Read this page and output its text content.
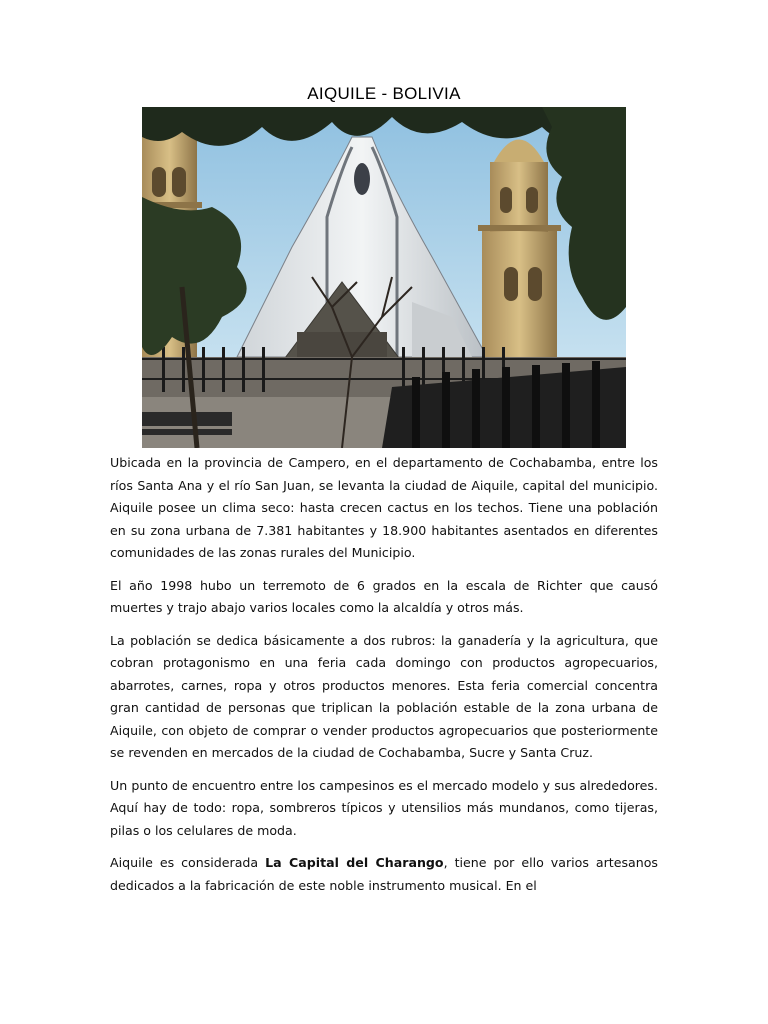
AIQUILE - BOLIVIA

Ubicada en la provincia de Campero, en el departamento de Cochabamba, entre los ríos Santa Ana y el río San Juan, se levanta la ciudad de Aiquile, capital del municipio. Aiquile posee un clima seco: hasta crecen cactus en los techos. Tiene una población en su zona urbana de 7.381 habitantes y 18.900 habitantes asentados en diferentes comunidades de las zonas rurales del Municipio.

El año 1998 hubo un terremoto de 6 grados en la escala de Richter que causó muertes y trajo abajo varios locales como la alcaldía y otros más.

La población se dedica básicamente a dos rubros: la ganadería y la agricultura, que cobran protagonismo en una feria cada domingo con productos agropecuarios, abarrotes, carnes, ropa y otros productos menores. Esta feria comercial concentra gran cantidad de personas que triplican la población estable de la zona urbana de Aiquile, con objeto de comprar o vender productos agropecuarios que posteriormente se revenden en mercados de la ciudad de Cochabamba, Sucre y Santa Cruz.

Un punto de encuentro entre los campesinos es el mercado modelo y sus alrededores. Aquí hay de todo: ropa, sombreros típicos y utensilios más mundanos, como tijeras, pilas o los celulares de moda.

Aiquile es considerada La Capital del Charango, tiene por ello varios artesanos dedicados a la fabricación de este noble instrumento musical. En el
